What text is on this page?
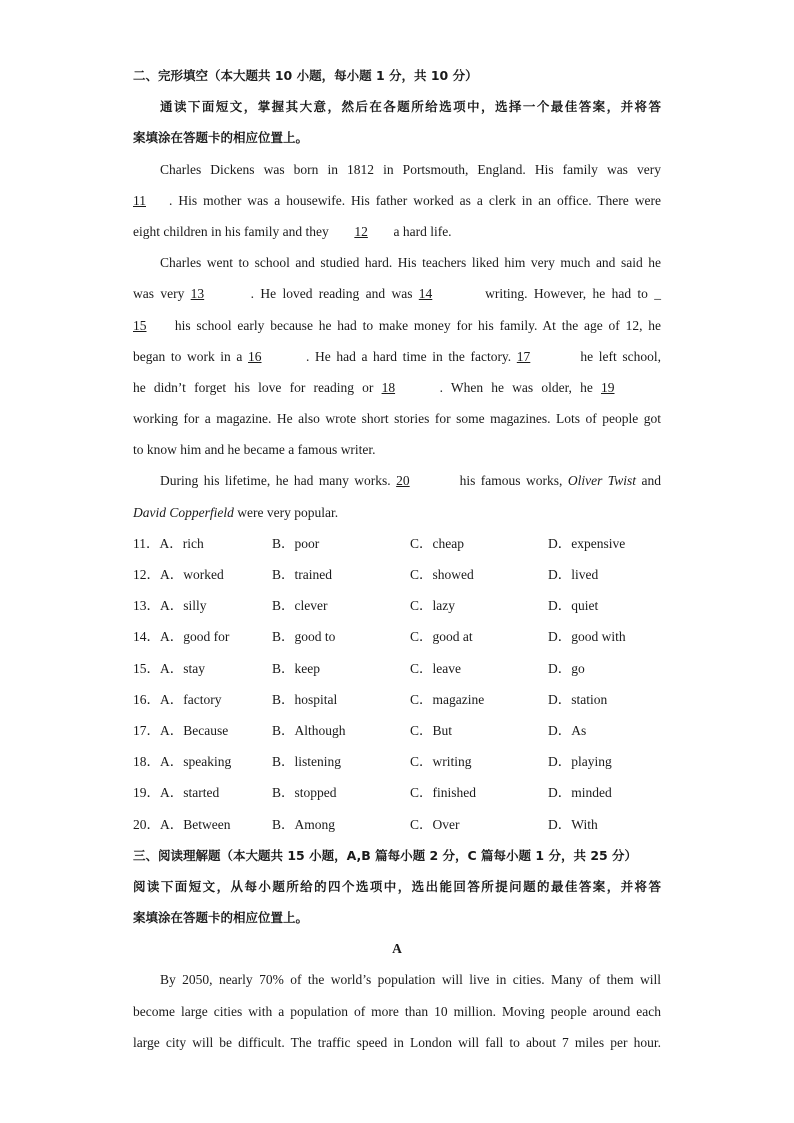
二、完形填空（本大题共 10 小题，每小题 1 分，共 10 分）
通读下面短文，掌握其大意，然后在各题所给选项中，选择一个最佳答案，并将答
案填涂在答题卡的相应位置上。
Charles Dickens was born in 1812 in Portsmouth, England. His family was very
11 . His mother was a housewife. His father worked as a clerk in an office. There were
eight children in his family and they 12 a hard life.
Charles went to school and studied hard. His teachers liked him very much and said he
was very 13	. He loved reading and was 14	writing. However, he had to _
15 his school early because he had to make money for his family. At the age of 12, he
began to work in a 16	. He had a hard time in the factory. 17	he left school,
he didn’t forget his love for reading or 18	. When he was older, he 19
working for a magazine. He also wrote short stories for some magazines. Lots of people got
to know him and he became a famous writer.
During his lifetime, he had many works. 20	his famous works, Oliver Twist and
David Copperfield were very popular.
11．A．rich	B．poor	C．cheap	D．expensive
12．A．worked	B．trained	C．showed	D．lived
13．A．silly	B．clever	C．lazy	D．quiet
14．A．good for	B．good to	C．good at	D．good with
15．A．stay	B．keep	C．leave	D．go
16．A．factory	B．hospital	C．magazine	D．station
17．A．Because	B．Although	C．But	D．As
18．A．speaking	B．listening	C．writing	D．playing
19．A．started	B．stopped	C．finished	D．minded
20．A．Between	B．Among	C．Over	D．With
三、阅读理解题（本大题共 15 小题，A,B 篇每小题 2 分，C 篇每小题 1 分，共 25 分）
阅读下面短文，从每小题所给的四个选项中，选出能回答所提问题的最佳答案，并将答
案填涂在答题卡的相应位置上。
A
By 2050, nearly 70% of the world’s population will live in cities. Many of them will
become large cities with a population of more than 10 million. Moving people around each
large city will be difficult. The traffic speed in London will fall to about 7 miles per hour.
